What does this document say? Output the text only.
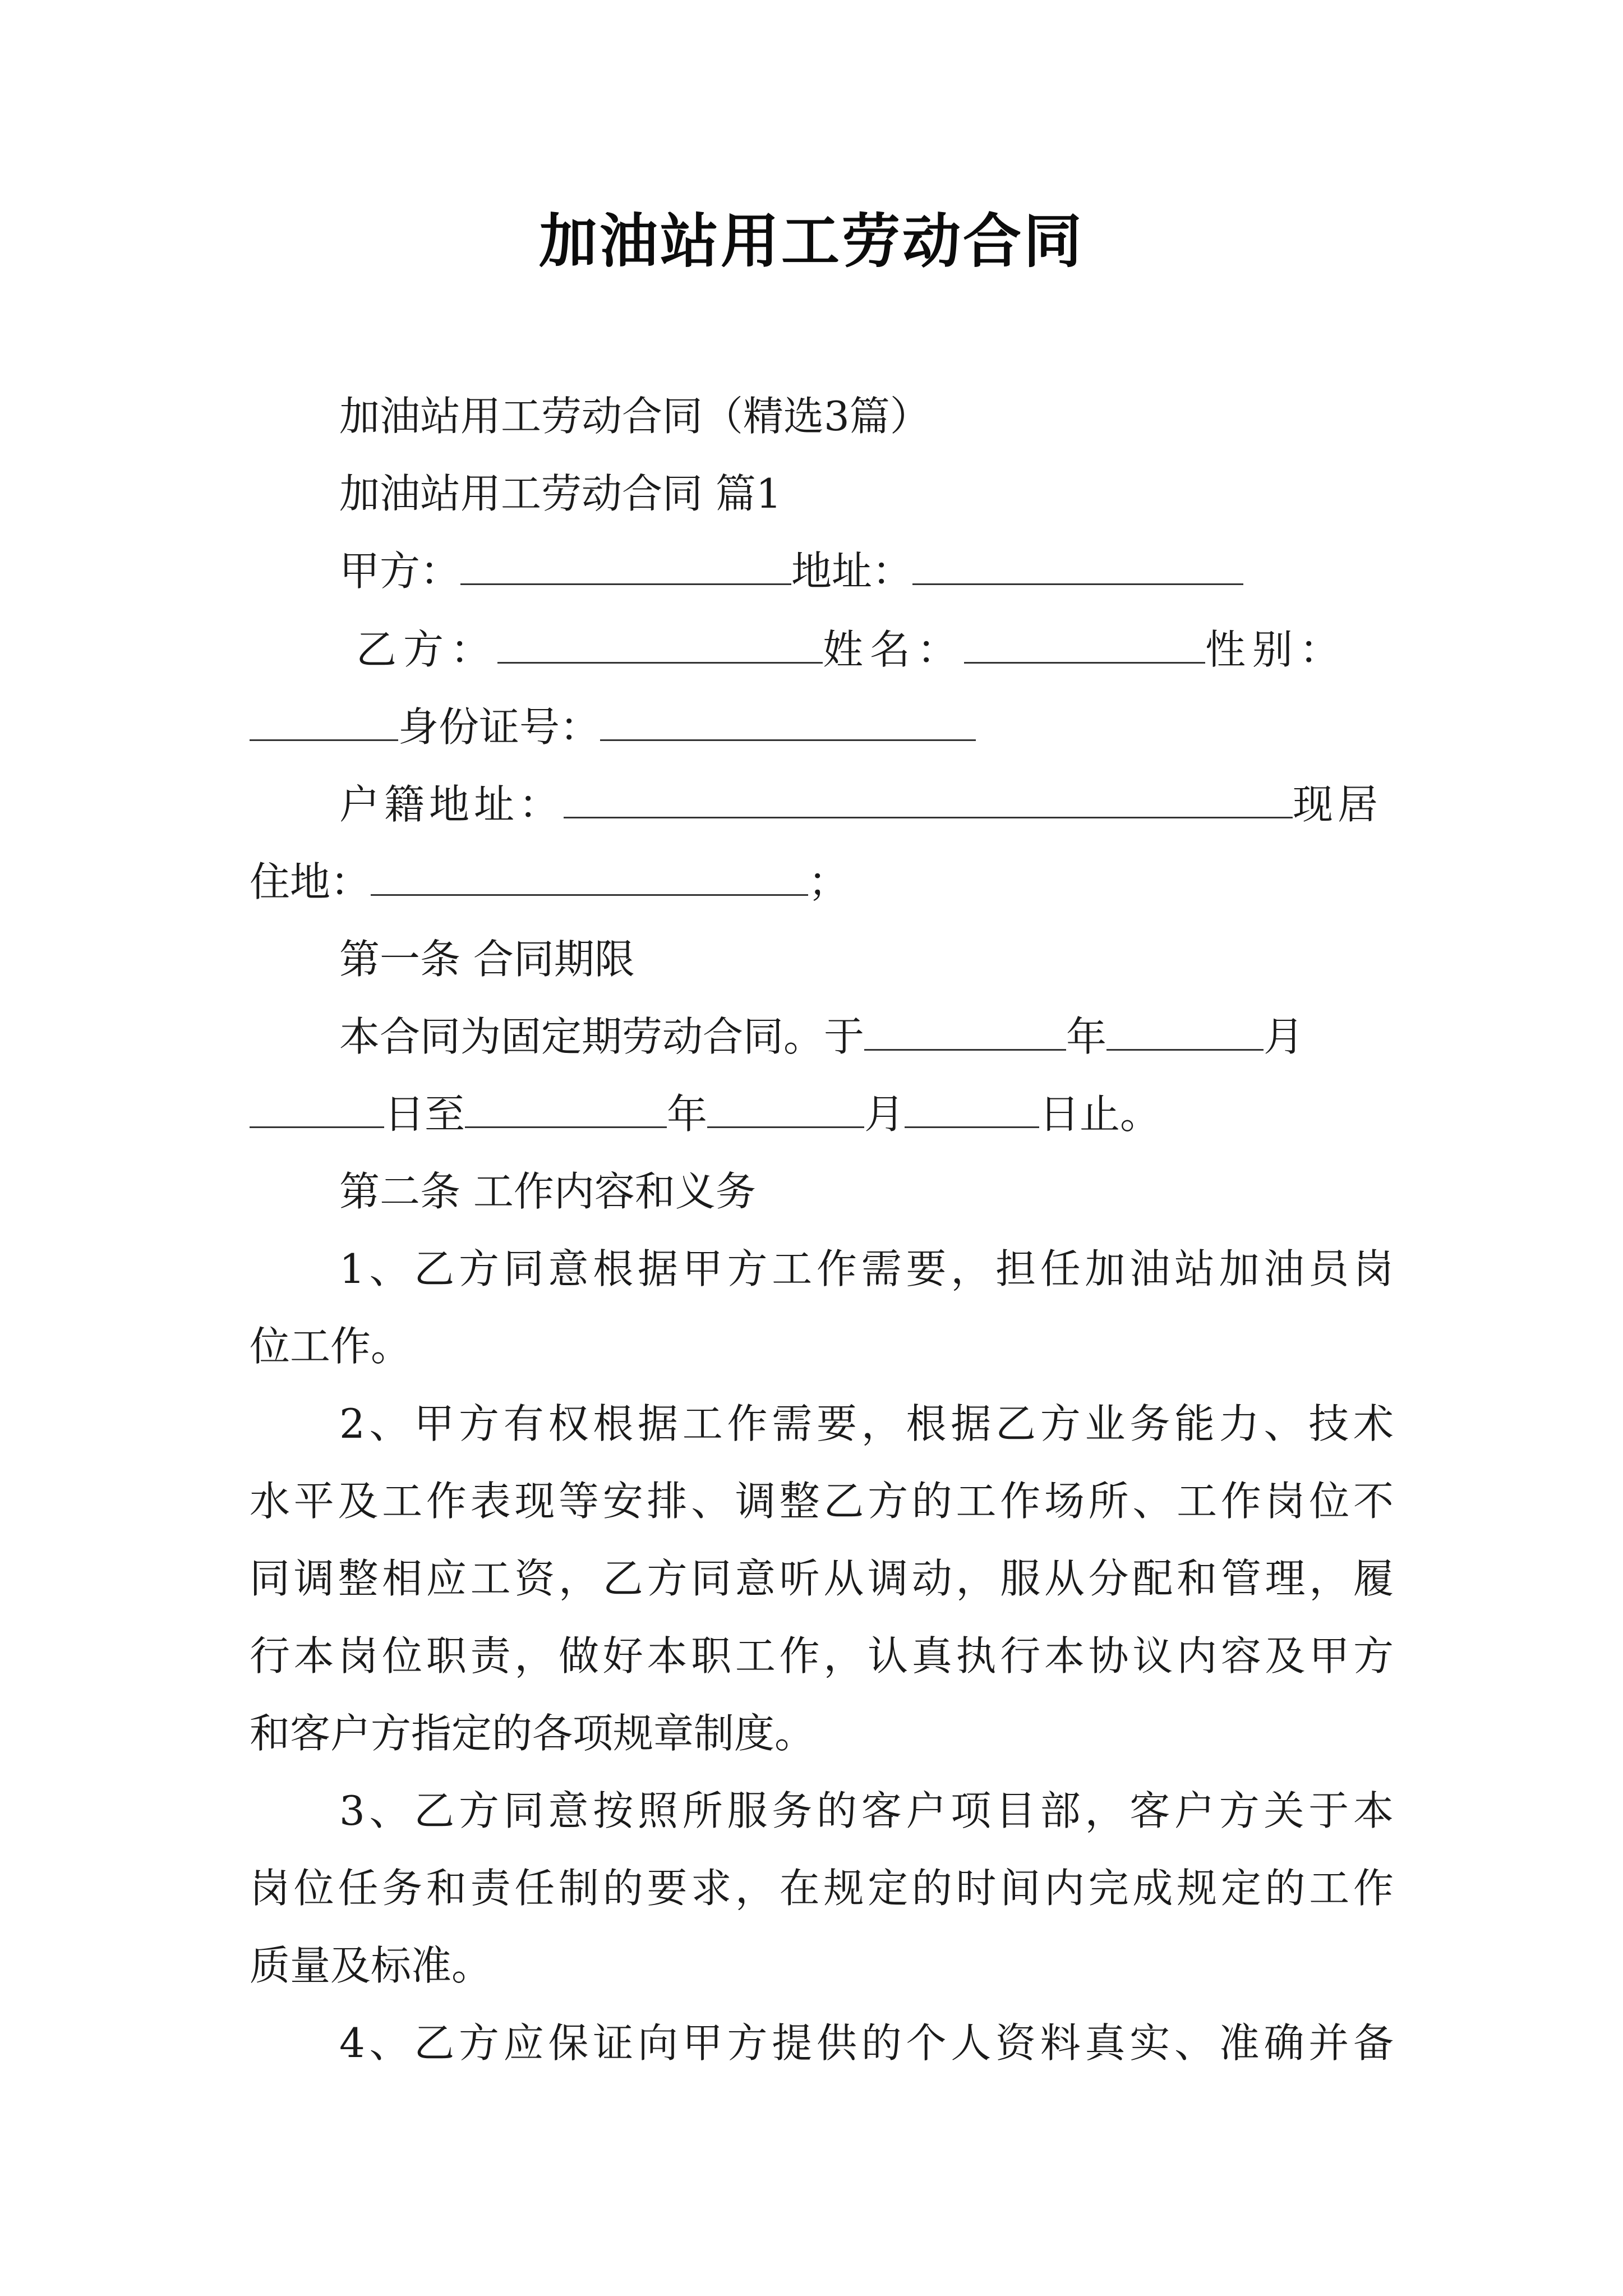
加油站用工劳动合同
加油站用工劳动合同（精选3篇）
加油站用工劳动合同 篇1
甲方：	地址：
乙方：	姓名：	性别：
身份证号：
户籍地址：	现居
住地：	；
第一条 合同期限
本合同为固定期劳动合同。于	年	月
日至	年	月	日止。
第二条 工作内容和义务
1、乙方同意根据甲方工作需要，担任加油站加油员岗
位工作。
2、甲方有权根据工作需要，根据乙方业务能力、技术
水平及工作表现等安排、调整乙方的工作场所、工作岗位不
同调整相应工资，乙方同意听从调动，服从分配和管理，履
行本岗位职责，做好本职工作，认真执行本协议内容及甲方
和客户方指定的各项规章制度。
3、乙方同意按照所服务的客户项目部，客户方关于本
岗位任务和责任制的要求，在规定的时间内完成规定的工作
质量及标准。
4、乙方应保证向甲方提供的个人资料真实、准确并备
